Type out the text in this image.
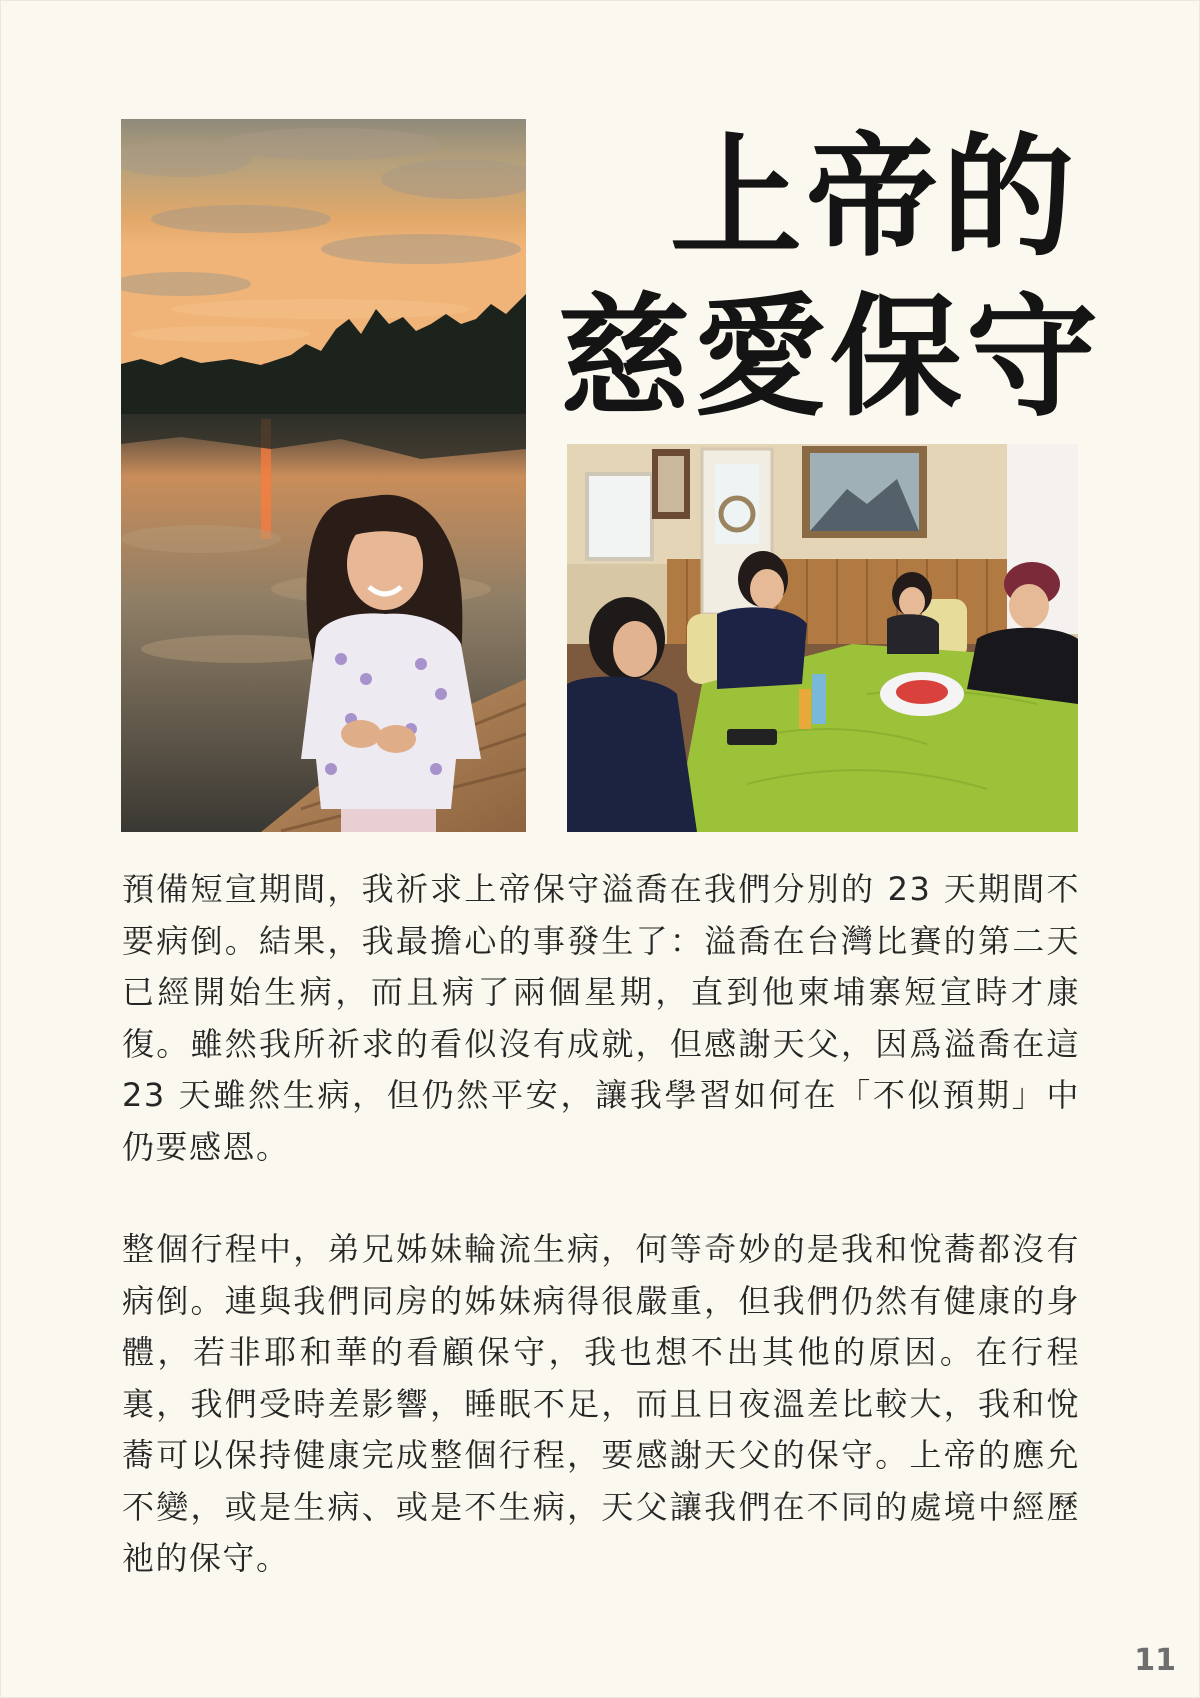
上帝的
慈愛保守

預備短宣期間，我祈求上帝保守溢喬在我們分別的 23 天期間不要病倒。結果，我最擔心的事發生了：溢喬在台灣比賽的第二天已經開始生病，而且病了兩個星期，直到他柬埔寨短宣時才康復。雖然我所祈求的看似沒有成就，但感謝天父，因爲溢喬在這 23 天雖然生病，但仍然平安，讓我學習如何在「不似預期」中仍要感恩。

整個行程中，弟兄姊妹輪流生病，何等奇妙的是我和悅蕎都沒有病倒。連與我們同房的姊妹病得很嚴重，但我們仍然有健康的身體，若非耶和華的看顧保守，我也想不出其他的原因。在行程裏，我們受時差影響，睡眠不足，而且日夜溫差比較大，我和悅蕎可以保持健康完成整個行程，要感謝天父的保守。上帝的應允不變，或是生病、或是不生病，天父讓我們在不同的處境中經歷祂的保守。

11
